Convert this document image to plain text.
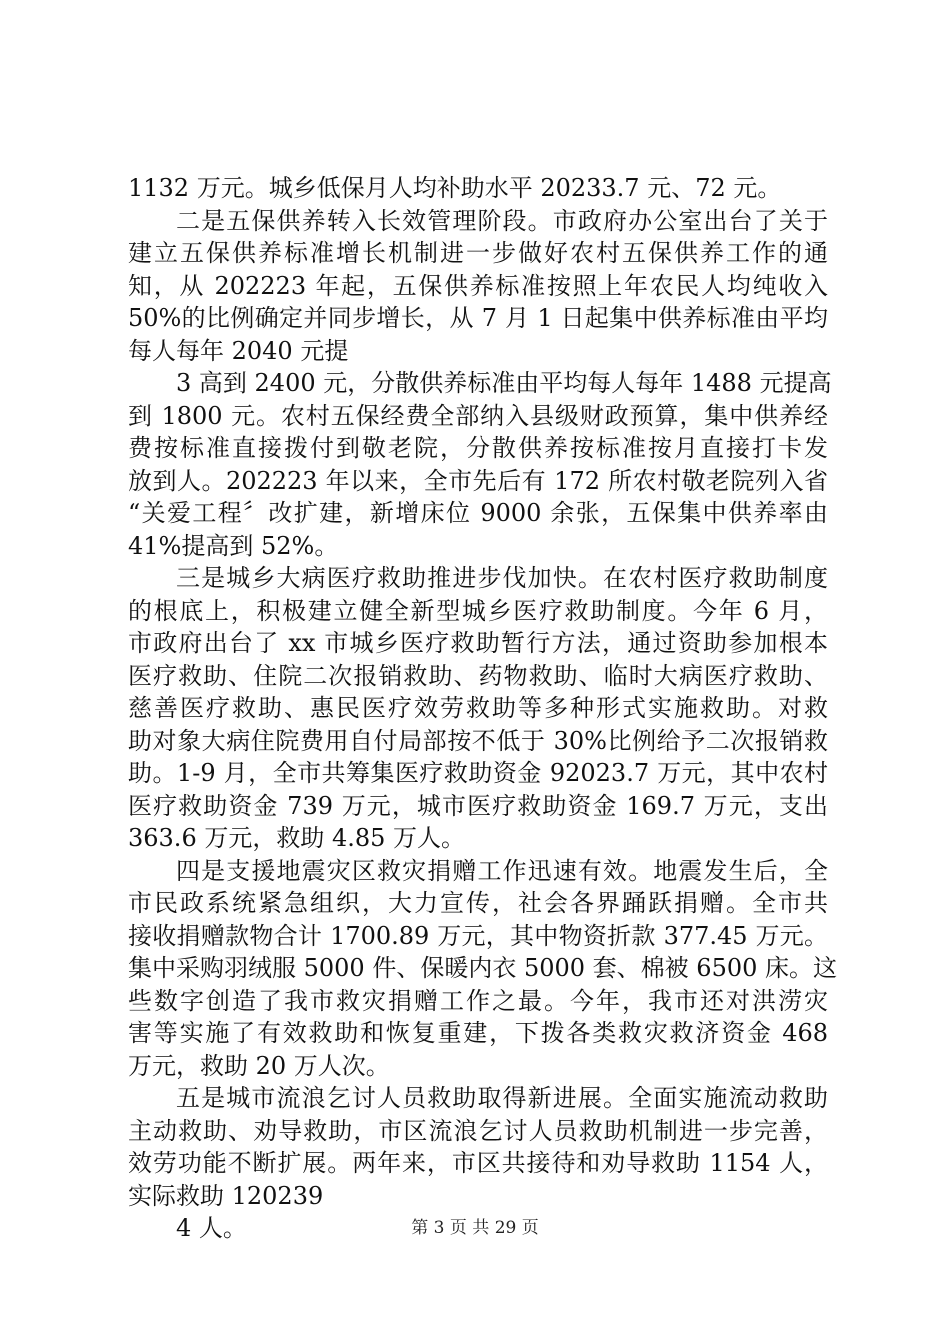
1132 万元。城乡低保月人均补助水平 20233.7 元、72 元。
二是五保供养转入长效管理阶段。市政府办公室出台了关于
建立五保供养标准增长机制进一步做好农村五保供养工作的通
知，从 202223 年起，五保供养标准按照上年农民人均纯收入
50%的比例确定并同步增长，从 7 月 1 日起集中供养标准由平均
每人每年 2040 元提
3 高到 2400 元，分散供养标准由平均每人每年 1488 元提高
到 1800 元。农村五保经费全部纳入县级财政预算，集中供养经
费按标准直接拨付到敬老院，分散供养按标准按月直接打卡发
放到人。202223 年以来，全市先后有 172 所农村敬老院列入省
“关爱工程〞改扩建，新增床位 9000 余张，五保集中供养率由
41%提高到 52%。
三是城乡大病医疗救助推进步伐加快。在农村医疗救助制度
的根底上，积极建立健全新型城乡医疗救助制度。今年 6 月，
市政府出台了 xx 市城乡医疗救助暂行方法，通过资助参加根本
医疗救助、住院二次报销救助、药物救助、临时大病医疗救助、
慈善医疗救助、惠民医疗效劳救助等多种形式实施救助。对救
助对象大病住院费用自付局部按不低于 30%比例给予二次报销救
助。1-9 月，全市共筹集医疗救助资金 92023.7 万元，其中农村
医疗救助资金 739 万元，城市医疗救助资金 169.7 万元，支出
363.6 万元，救助 4.85 万人。
四是支援地震灾区救灾捐赠工作迅速有效。地震发生后，全
市民政系统紧急组织，大力宣传，社会各界踊跃捐赠。全市共
接收捐赠款物合计 1700.89 万元，其中物资折款 377.45 万元。
集中采购羽绒服 5000 件、保暖内衣 5000 套、棉被 6500 床。这
些数字创造了我市救灾捐赠工作之最。今年，我市还对洪涝灾
害等实施了有效救助和恢复重建，下拨各类救灾救济资金 468
万元，救助 20 万人次。
五是城市流浪乞讨人员救助取得新进展。全面实施流动救助
主动救助、劝导救助，市区流浪乞讨人员救助机制进一步完善，
效劳功能不断扩展。两年来，市区共接待和劝导救助 1154 人，
实际救助 120239
4 人。	第 3 页 共 29 页
